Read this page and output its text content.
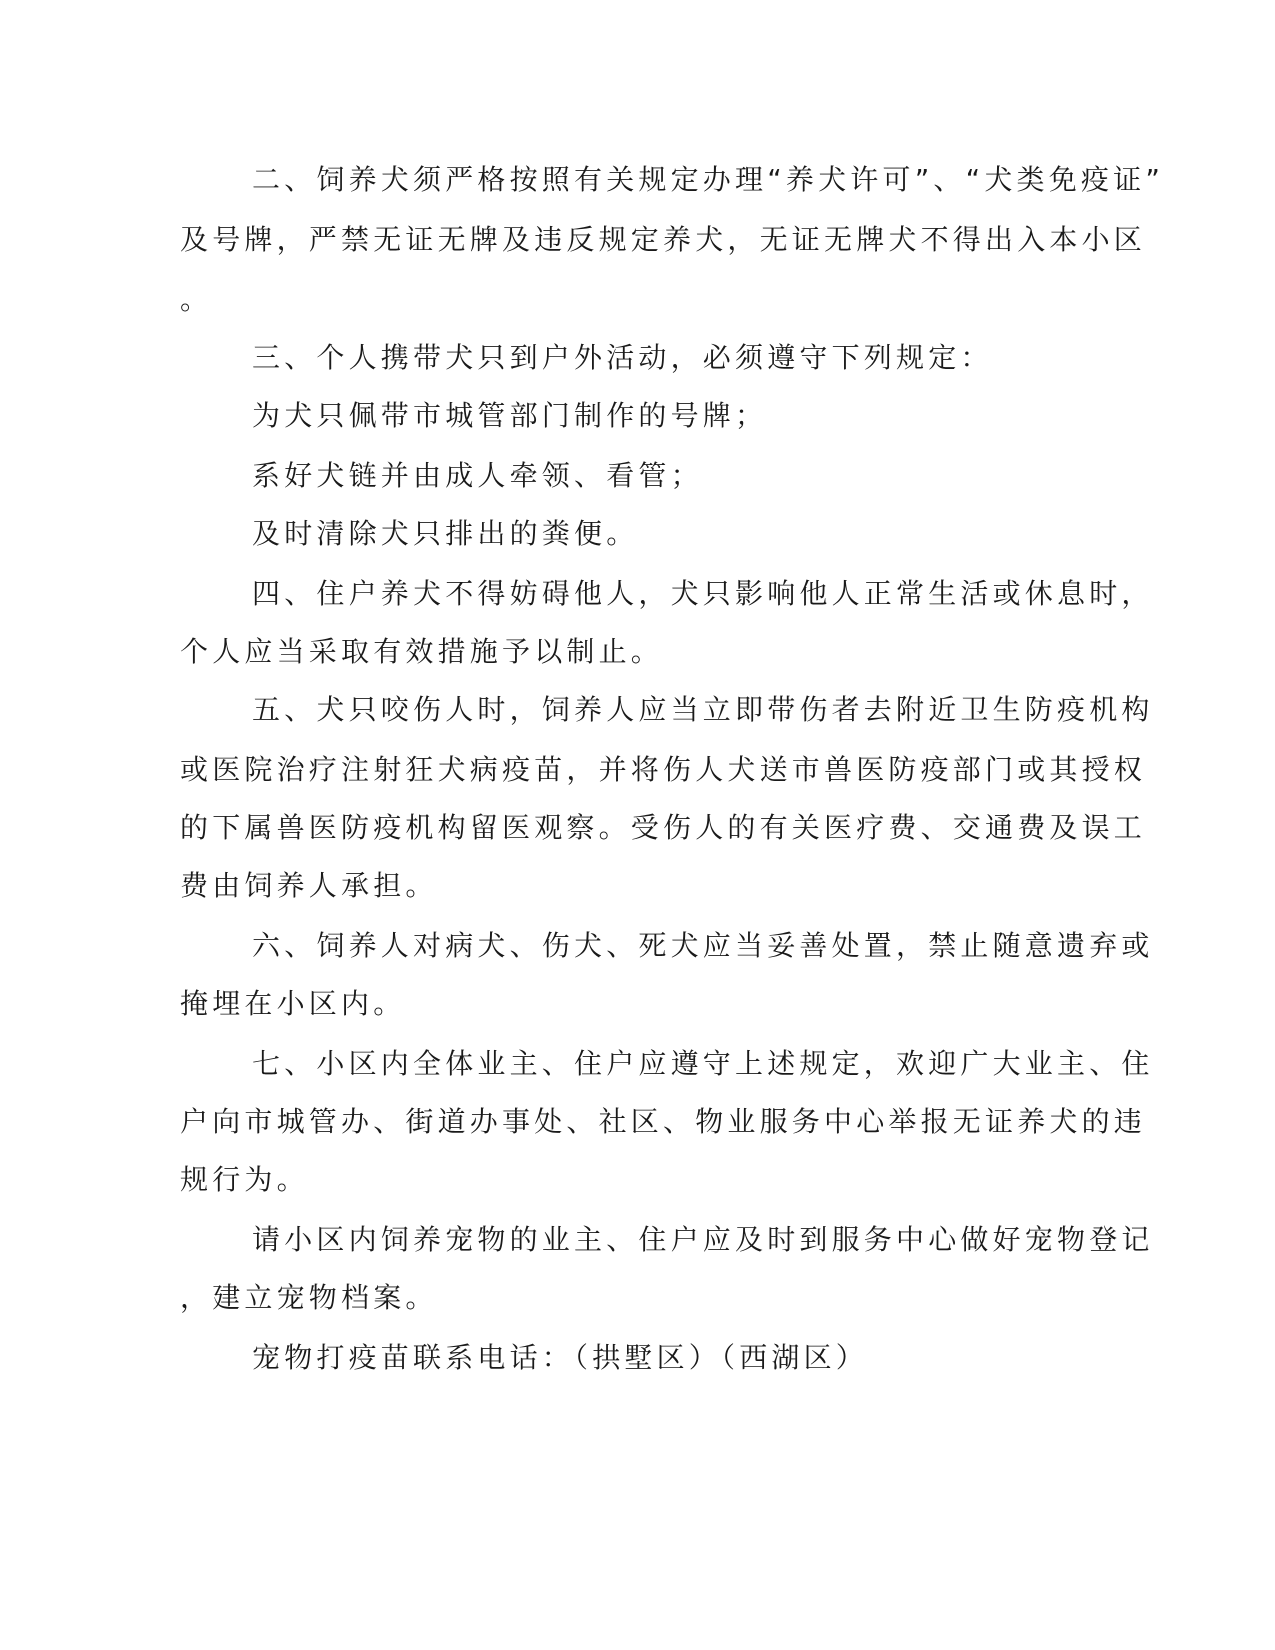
二、饲养犬须严格按照有关规定办理“养犬许可”、“犬类免疫证”
及号牌，严禁无证无牌及违反规定养犬，无证无牌犬不得出入本小区
。
三、个人携带犬只到户外活动，必须遵守下列规定：
为犬只佩带市城管部门制作的号牌；
系好犬链并由成人牵领、看管；
及时清除犬只排出的粪便。
四、住户养犬不得妨碍他人，犬只影响他人正常生活或休息时，
个人应当采取有效措施予以制止。
五、犬只咬伤人时，饲养人应当立即带伤者去附近卫生防疫机构
或医院治疗注射狂犬病疫苗，并将伤人犬送市兽医防疫部门或其授权
的下属兽医防疫机构留医观察。受伤人的有关医疗费、交通费及误工
费由饲养人承担。
六、饲养人对病犬、伤犬、死犬应当妥善处置，禁止随意遗弃或
掩埋在小区内。
七、小区内全体业主、住户应遵守上述规定，欢迎广大业主、住
户向市城管办、街道办事处、社区、物业服务中心举报无证养犬的违
规行为。
请小区内饲养宠物的业主、住户应及时到服务中心做好宠物登记
，建立宠物档案。
宠物打疫苗联系电话：（拱墅区）（西湖区）
